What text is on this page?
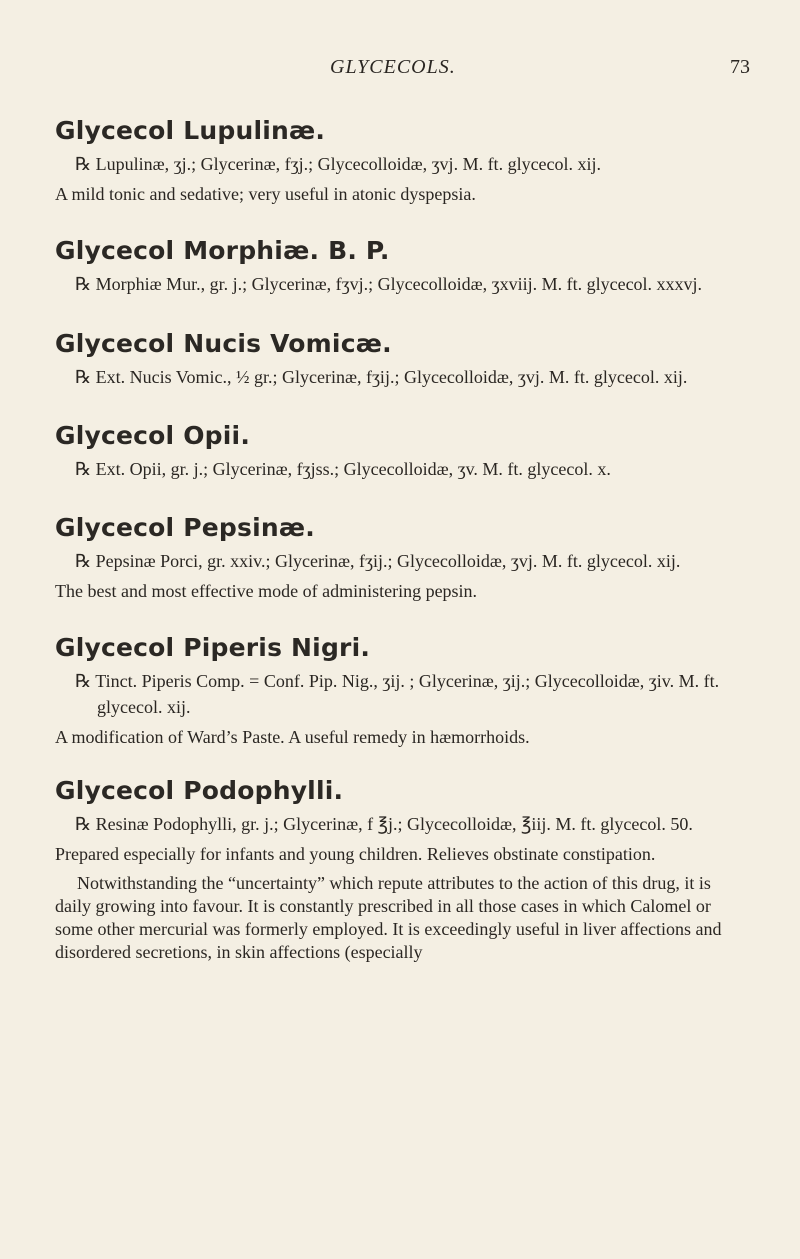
GLYCECOLS.	73
Glycecol Lupulinæ.

℞ Lupulinæ, ʒj.; Glycerinæ, fʒj.; Glycecolloidæ, ʒvj. M. ft. glycecol. xij.

A mild tonic and sedative; very useful in atonic dyspepsia.

Glycecol Morphiæ. B. P.

℞ Morphiæ Mur., gr. j.; Glycerinæ, fʒvj.; Glycecolloidæ, ʒxviij. M. ft. glycecol. xxxvj.

Glycecol Nucis Vomicæ.

℞ Ext. Nucis Vomic., ½ gr.; Glycerinæ, fʒij.; Glycecolloidæ, ʒvj. M. ft. glycecol. xij.

Glycecol Opii.

℞ Ext. Opii, gr. j.; Glycerinæ, fʒjss.; Glycecolloidæ, ʒv. M. ft. glycecol. x.

Glycecol Pepsinæ.

℞ Pepsinæ Porci, gr. xxiv.; Glycerinæ, fʒij.; Glycecolloidæ, ʒvj. M. ft. glycecol. xij.

The best and most effective mode of administering pepsin.

Glycecol Piperis Nigri.

℞ Tinct. Piperis Comp. = Conf. Pip. Nig., ʒij. ; Glycerinæ, ʒij.; Glycecolloidæ, ʒiv. M. ft. glycecol. xij.

A modification of Ward’s Paste. A useful remedy in hæmorrhoids.

Glycecol Podophylli.

℞ Resinæ Podophylli, gr. j.; Glycerinæ, f ℥j.; Glycecolloidæ, ℥iij. M. ft. glycecol. 50.

Prepared especially for infants and young children. Relieves obstinate constipation.

Notwithstanding the “uncertainty” which repute attributes to the action of this drug, it is daily growing into favour. It is constantly prescribed in all those cases in which Calomel or some other mercurial was formerly employed. It is exceedingly useful in liver affections and disordered secretions, in skin affections (especially
